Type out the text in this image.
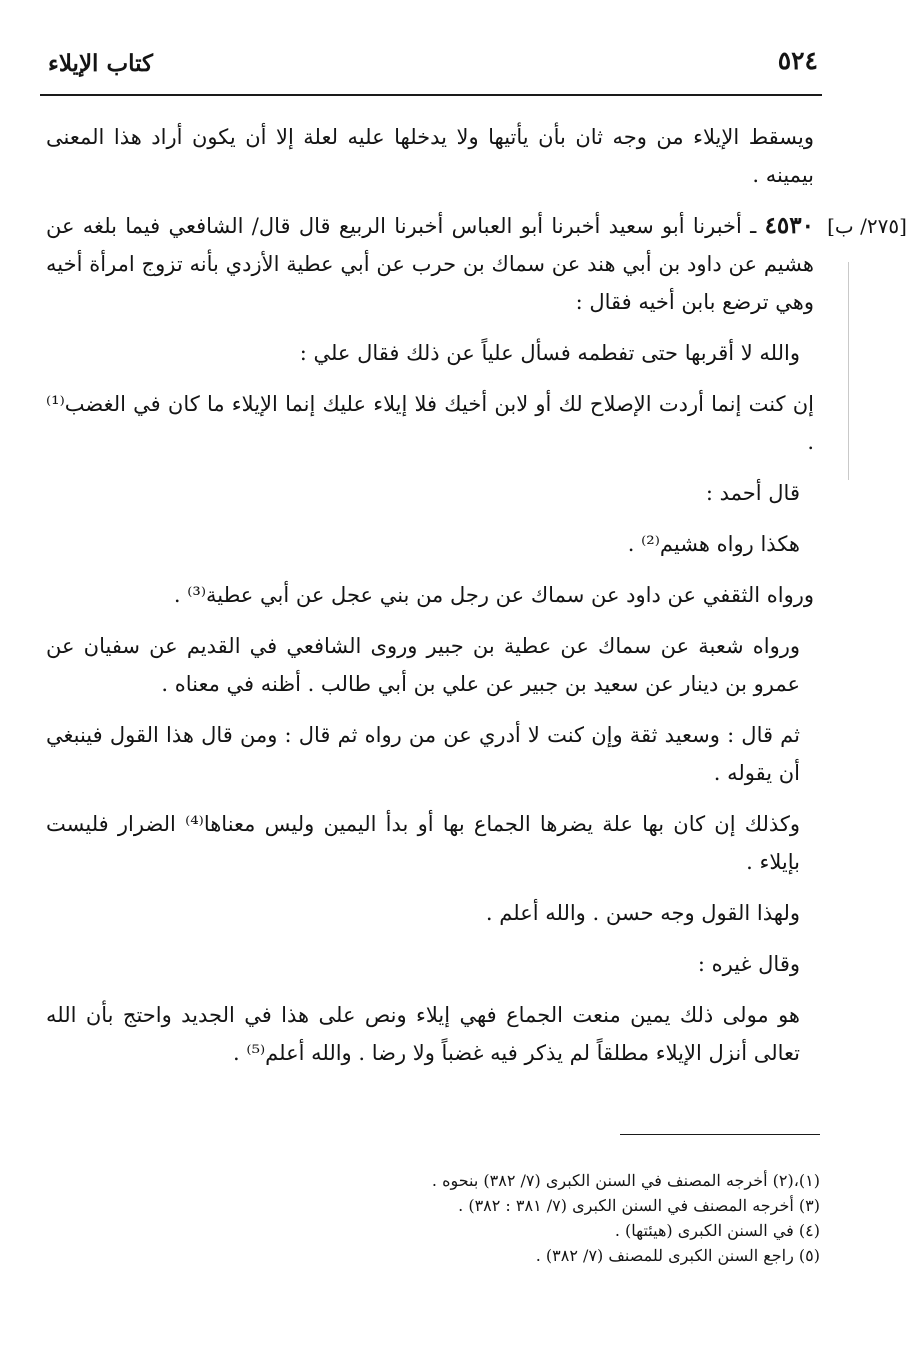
٥٢٤
كتاب الإيلاء
[٢٧٥/ ب]

ويسقط الإيلاء من وجه ثان بأن يأتيها ولا يدخلها عليه لعلة إلا أن يكون أراد هذا المعنى بيمينه .

٤٥٣٠ ـ أخبرنا أبو سعيد أخبرنا أبو العباس أخبرنا الربيع قال قال/ الشافعي فيما بلغه عن هشيم عن داود بن أبي هند عن سماك بن حرب عن أبي عطية الأزدي بأنه تزوج امرأة أخيه وهي ترضع بابن أخيه فقال :

والله لا أقربها حتى تفطمه فسأل علياً عن ذلك فقال علي :

إن كنت إنما أردت الإصلاح لك أو لابن أخيك فلا إيلاء عليك إنما الإيلاء ما كان في الغضب⁽¹⁾ .

قال أحمد :

هكذا رواه هشيم⁽²⁾ .

ورواه الثقفي عن داود عن سماك عن رجل من بني عجل عن أبي عطية⁽³⁾ .

ورواه شعبة عن سماك عن عطية بن جبير وروى الشافعي في القديم عن سفيان عن عمرو بن دينار عن سعيد بن جبير عن علي بن أبي طالب . أظنه في معناه .

ثم قال : وسعيد ثقة وإن كنت لا أدري عن من رواه ثم قال : ومن قال هذا القول فينبغي أن يقوله .

وكذلك إن كان بها علة يضرها الجماع بها أو بدأ اليمين وليس معناها⁽⁴⁾ الضرار فليست بإيلاء .

ولهذا القول وجه حسن . والله أعلم .

وقال غيره :

هو مولى ذلك يمين منعت الجماع فهي إيلاء ونص على هذا في الجديد واحتج بأن الله تعالى أنزل الإيلاء مطلقاً لم يذكر فيه غضباً ولا رضا . والله أعلم⁽⁵⁾ .

(١)،(٢) أخرجه المصنف في السنن الكبرى (٧/ ٣٨٢) بنحوه .

(٣) أخرجه المصنف في السنن الكبرى (٧/ ٣٨١ : ٣٨٢) .

(٤) في السنن الكبرى (هيئتها) .

(٥) راجع السنن الكبرى للمصنف (٧/ ٣٨٢) .
